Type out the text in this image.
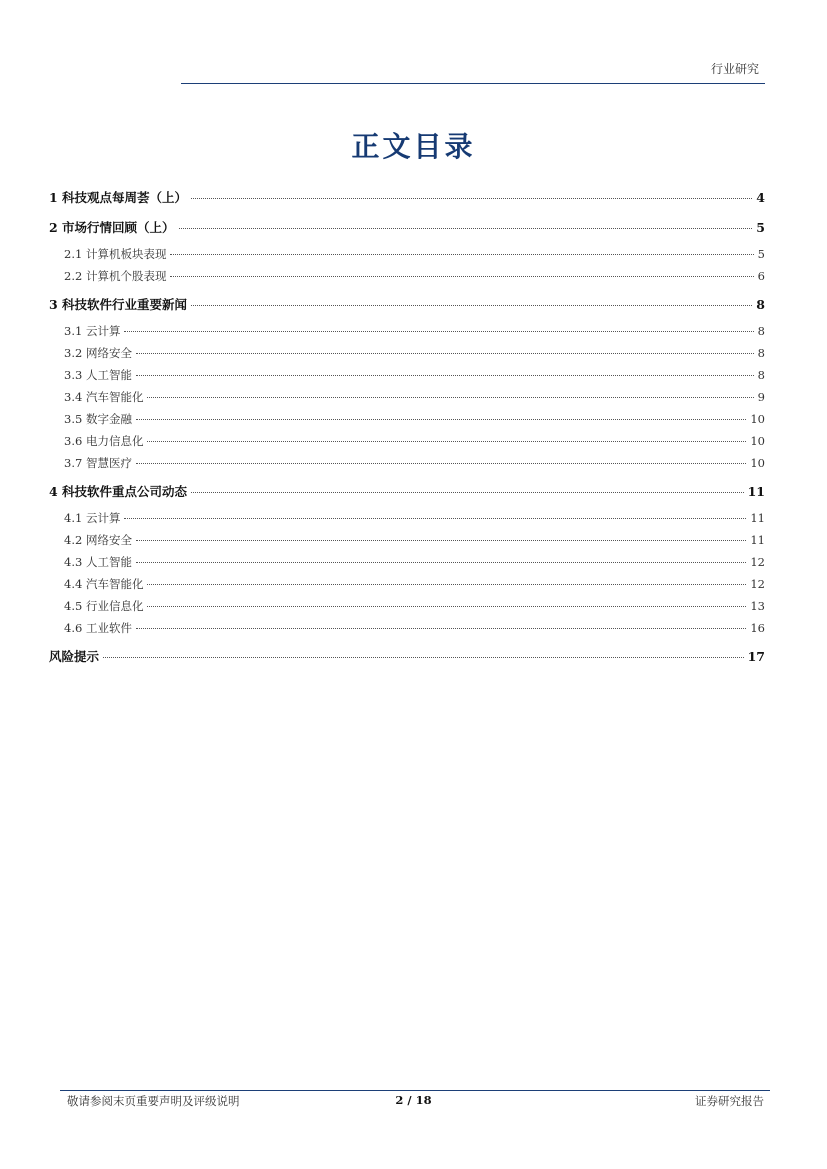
行业研究
正文目录
1 科技观点每周荟（上）	4
2 市场行情回顾（上）	5
2.1 计算机板块表现	5
2.2 计算机个股表现	6
3 科技软件行业重要新闻	8
3.1 云计算	8
3.2 网络安全	8
3.3 人工智能	8
3.4 汽车智能化	9
3.5 数字金融	10
3.6 电力信息化	10
3.7 智慧医疗	10
4 科技软件重点公司动态	11
4.1 云计算	11
4.2 网络安全	11
4.3 人工智能	12
4.4 汽车智能化	12
4.5 行业信息化	13
4.6 工业软件	16
风险提示	17
敬请参阅末页重要声明及评级说明	2 / 18	证券研究报告
